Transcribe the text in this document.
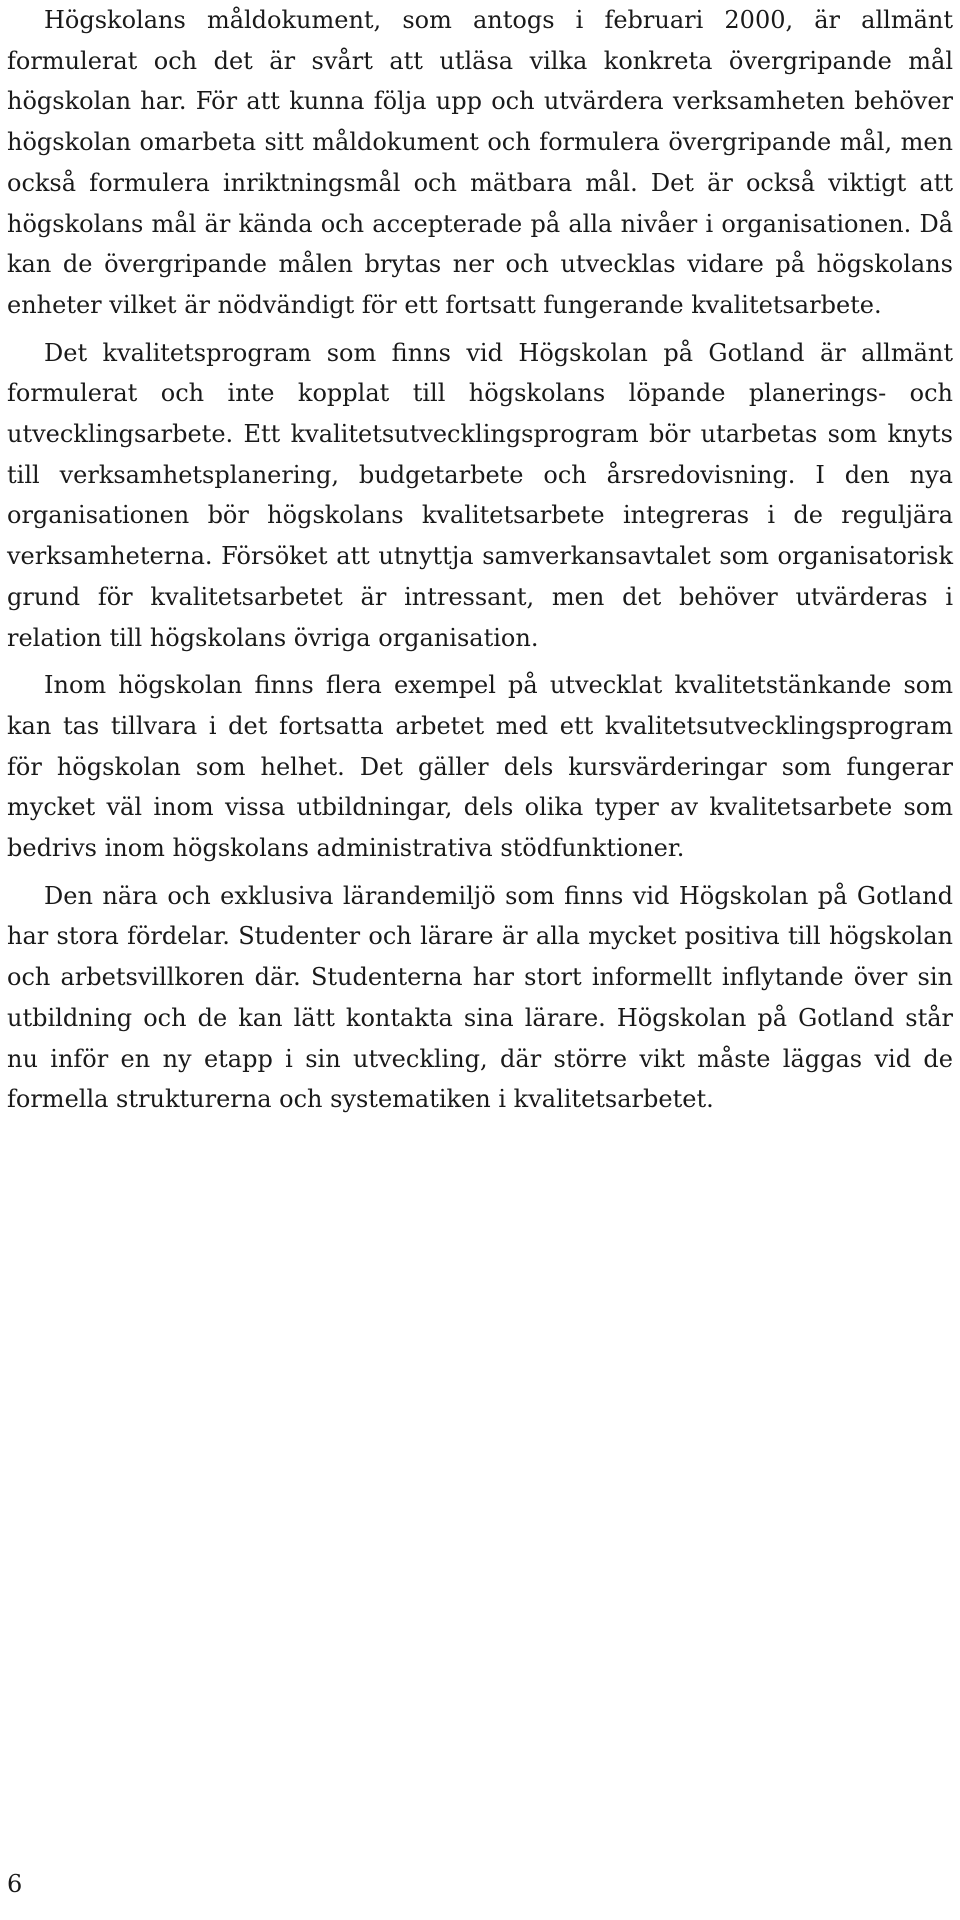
Högskolans måldokument, som antogs i februari 2000, är allmänt formulerat och det är svårt att utläsa vilka konkreta övergripande mål högskolan har. För att kunna följa upp och utvärdera verksamheten behöver högskolan omarbeta sitt måldokument och formulera övergripande mål, men också formulera inriktningsmål och mätbara mål. Det är också viktigt att högskolans mål är kända och accepterade på alla nivåer i organisationen. Då kan de övergripande målen brytas ner och utvecklas vidare på högskolans enheter vilket är nödvändigt för ett fortsatt fungerande kvalitetsarbete.

Det kvalitetsprogram som finns vid Högskolan på Gotland är allmänt formulerat och inte kopplat till högskolans löpande planerings- och utvecklingsarbete. Ett kvalitetsutvecklingsprogram bör utarbetas som knyts till verksamhetsplanering, budgetarbete och årsredovisning. I den nya organisationen bör högskolans kvalitetsarbete integreras i de reguljära verksamheterna. Försöket att utnyttja samverkansavtalet som organisatorisk grund för kvalitetsarbetet är intressant, men det behöver utvärderas i relation till högskolans övriga organisation.

Inom högskolan finns flera exempel på utvecklat kvalitetstänkande som kan tas tillvara i det fortsatta arbetet med ett kvalitetsutvecklingsprogram för högskolan som helhet. Det gäller dels kursvärderingar som fungerar mycket väl inom vissa utbildningar, dels olika typer av kvalitetsarbete som bedrivs inom högskolans administrativa stödfunktioner.

Den nära och exklusiva lärandemiljö som finns vid Högskolan på Gotland har stora fördelar. Studenter och lärare är alla mycket positiva till högskolan och arbetsvillkoren där. Studenterna har stort informellt inflytande över sin utbildning och de kan lätt kontakta sina lärare. Högskolan på Gotland står nu inför en ny etapp i sin utveckling, där större vikt måste läggas vid de formella strukturerna och systematiken i kvalitetsarbetet.

6
